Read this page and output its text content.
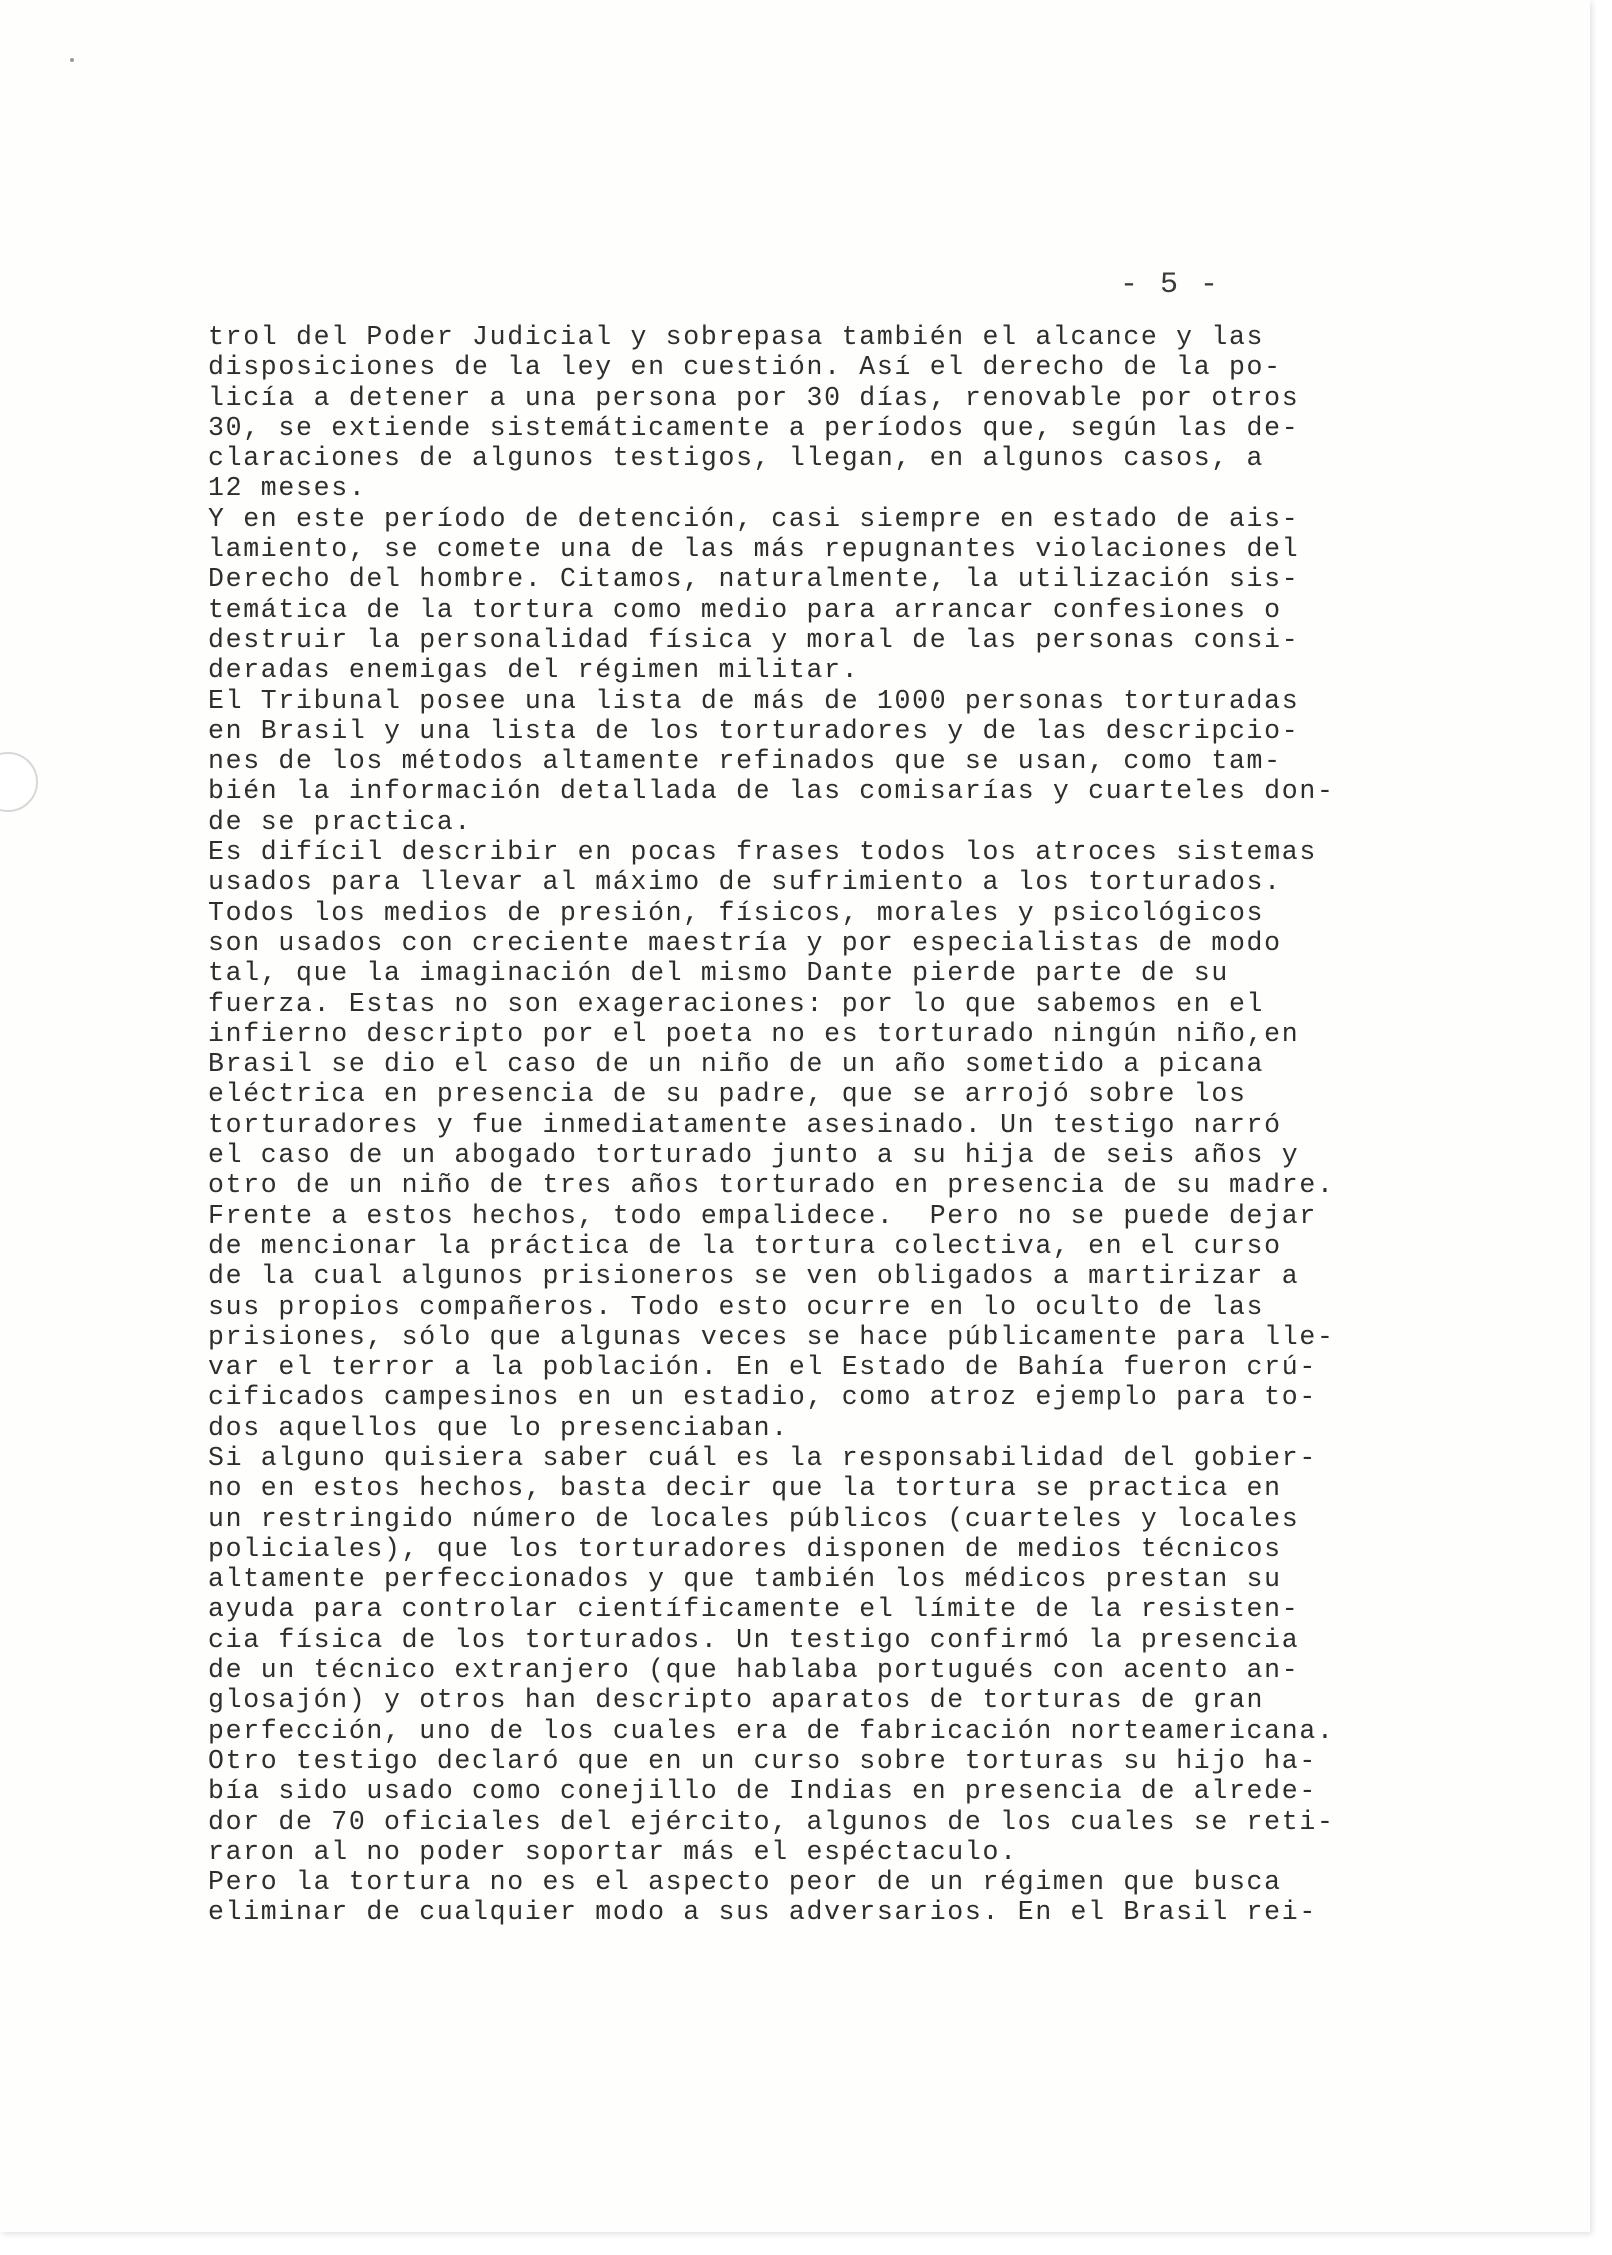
- 5 -
trol del Poder Judicial y sobrepasa también el alcance y las
disposiciones de la ley en cuestión. Así el derecho de la po-
licía a detener a una persona por 30 días, renovable por otros
30, se extiende sistemáticamente a períodos que, según las de-
claraciones de algunos testigos, llegan, en algunos casos, a
12 meses.
Y en este período de detención, casi siempre en estado de ais-
lamiento, se comete una de las más repugnantes violaciones del
Derecho del hombre. Citamos, naturalmente, la utilización sis-
temática de la tortura como medio para arrancar confesiones o
destruir la personalidad física y moral de las personas consi-
deradas enemigas del régimen militar.
El Tribunal posee una lista de más de 1000 personas torturadas
en Brasil y una lista de los torturadores y de las descripcio-
nes de los métodos altamente refinados que se usan, como tam-
bién la información detallada de las comisarías y cuarteles don-
de se practica.
Es difícil describir en pocas frases todos los atroces sistemas
usados para llevar al máximo de sufrimiento a los torturados.
Todos los medios de presión, físicos, morales y psicológicos
son usados con creciente maestría y por especialistas de modo
tal, que la imaginación del mismo Dante pierde parte de su
fuerza. Estas no son exageraciones: por lo que sabemos en el
infierno descripto por el poeta no es torturado ningún niño,en
Brasil se dio el caso de un niño de un año sometido a picana
eléctrica en presencia de su padre, que se arrojó sobre los
torturadores y fue inmediatamente asesinado. Un testigo narró
el caso de un abogado torturado junto a su hija de seis años y
otro de un niño de tres años torturado en presencia de su madre.
Frente a estos hechos, todo empalidece.  Pero no se puede dejar
de mencionar la práctica de la tortura colectiva, en el curso
de la cual algunos prisioneros se ven obligados a martirizar a
sus propios compañeros. Todo esto ocurre en lo oculto de las
prisiones, sólo que algunas veces se hace públicamente para lle-
var el terror a la población. En el Estado de Bahía fueron crú-
cificados campesinos en un estadio, como atroz ejemplo para to-
dos aquellos que lo presenciaban.
Si alguno quisiera saber cuál es la responsabilidad del gobier-
no en estos hechos, basta decir que la tortura se practica en
un restringido número de locales públicos (cuarteles y locales
policiales), que los torturadores disponen de medios técnicos
altamente perfeccionados y que también los médicos prestan su
ayuda para controlar científicamente el límite de la resisten-
cia física de los torturados. Un testigo confirmó la presencia
de un técnico extranjero (que hablaba portugués con acento an-
glosajón) y otros han descripto aparatos de torturas de gran
perfección, uno de los cuales era de fabricación norteamericana.
Otro testigo declaró que en un curso sobre torturas su hijo ha-
bía sido usado como conejillo de Indias en presencia de alrede-
dor de 70 oficiales del ejército, algunos de los cuales se reti-
raron al no poder soportar más el espéctaculo.
Pero la tortura no es el aspecto peor de un régimen que busca
eliminar de cualquier modo a sus adversarios. En el Brasil rei-
